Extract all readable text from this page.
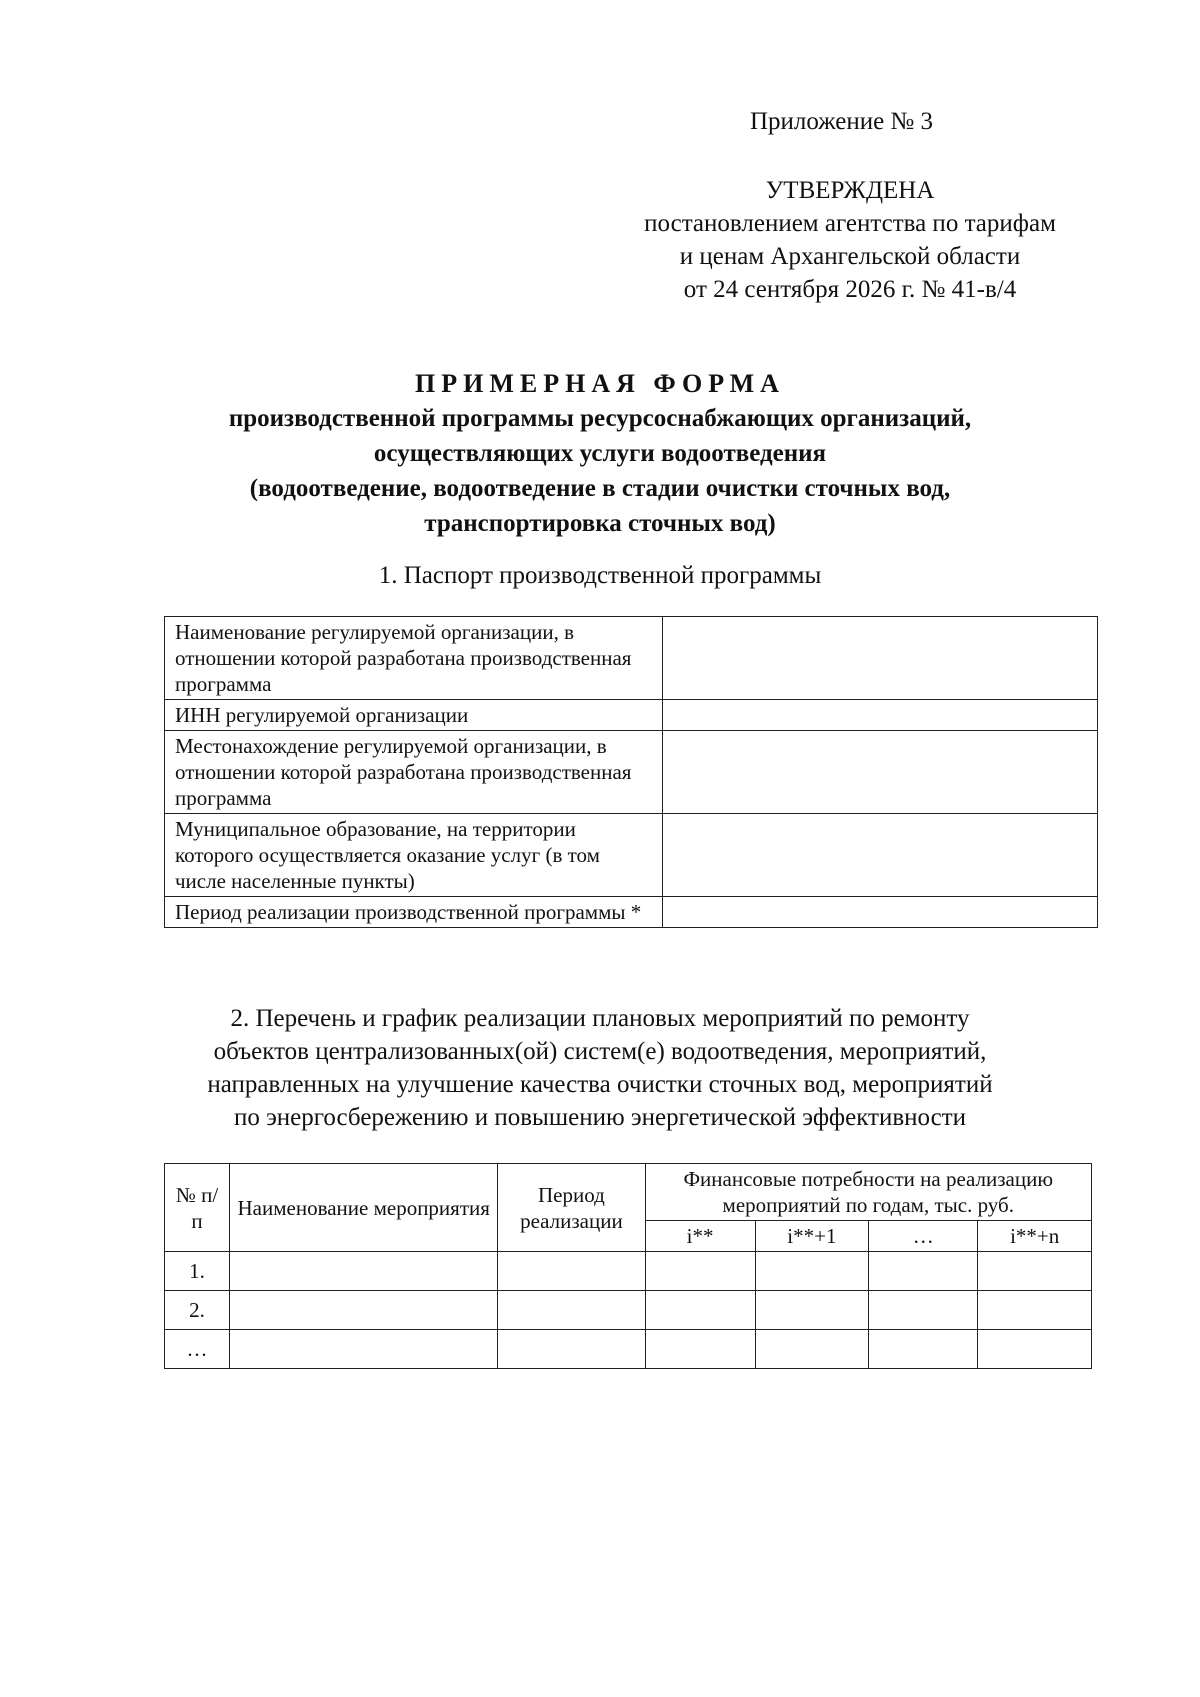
Приложение № 3
УТВЕРЖДЕНА
постановлением агентства по тарифам
и ценам Архангельской области
от 24 сентября 2026 г. № 41-в/4
ПРИМЕРНАЯ ФОРМА
производственной программы ресурсоснабжающих организаций,
осуществляющих услуги водоотведения
(водоотведение, водоотведение в стадии очистки сточных вод,
транспортировка сточных вод)
1. Паспорт производственной программы
Наименование регулируемой организации, в отношении которой разработана производственная программа	
ИНН регулируемой организации	
Местонахождение регулируемой организации, в отношении которой разработана производственная программа	
Муниципальное образование, на территории которого осуществляется оказание услуг (в том числе населенные пункты)	
Период реализации производственной программы *	
2. Перечень и график реализации плановых мероприятий по ремонту
объектов централизованных(ой) систем(е) водоотведения, мероприятий,
направленных на улучшение качества очистки сточных вод, мероприятий
по энергосбережению и повышению энергетической эффективности
№ п/п	Наименование мероприятия	Период реализации	Финансовые потребности на реализацию мероприятий по годам, тыс. руб.			
			i**	i**+1	…	i**+n
1.						
2.						
…						
